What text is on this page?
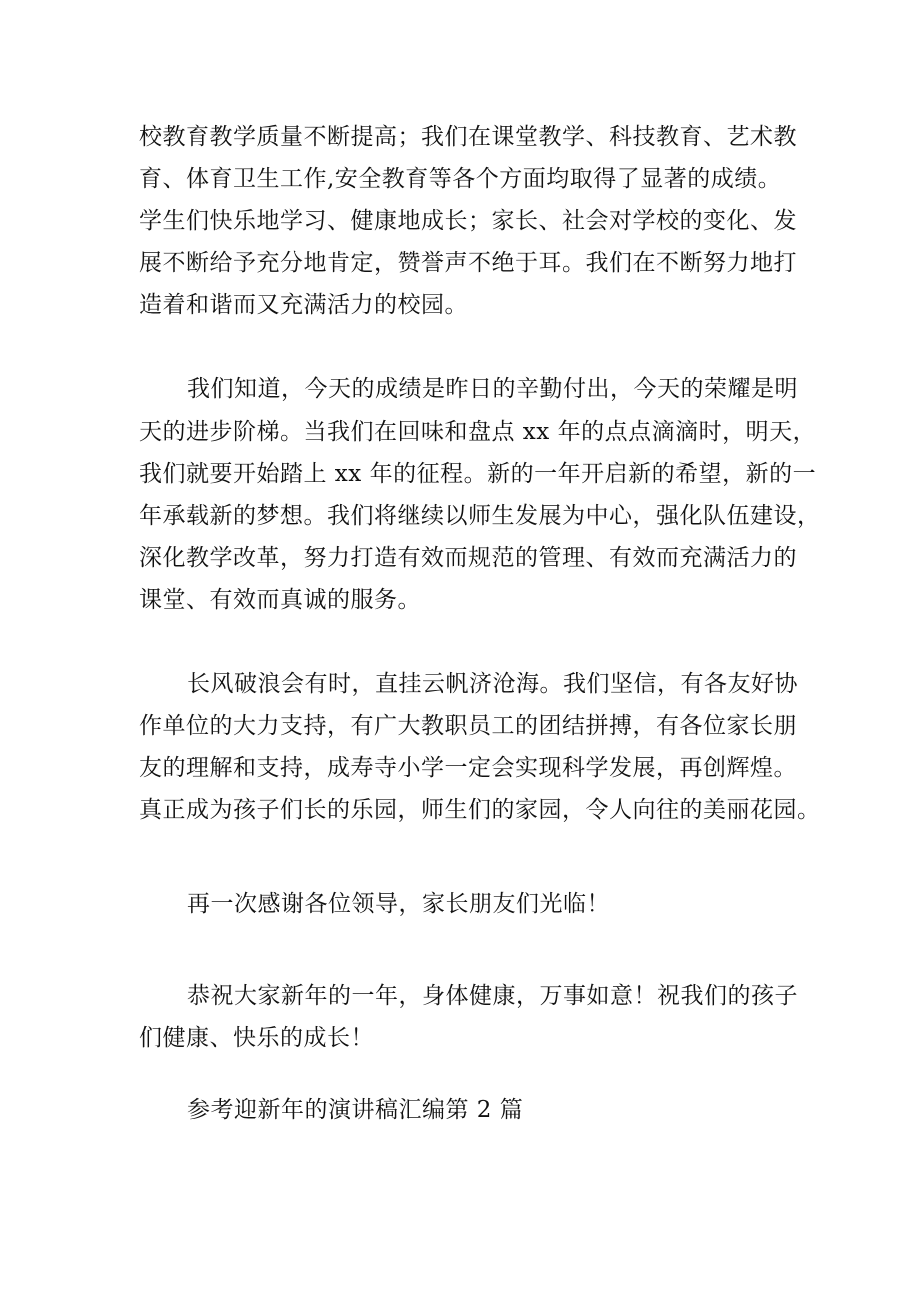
校教育教学质量不断提高；我们在课堂教学、科技教育、艺术教
育、体育卫生工作,安全教育等各个方面均取得了显著的成绩。
学生们快乐地学习、健康地成长；家长、社会对学校的变化、发
展不断给予充分地肯定，赞誉声不绝于耳。我们在不断努力地打
造着和谐而又充满活力的校园。
我们知道，今天的成绩是昨日的辛勤付出，今天的荣耀是明
天的进步阶梯。当我们在回味和盘点 xx 年的点点滴滴时，明天，
我们就要开始踏上 xx 年的征程。新的一年开启新的希望，新的一
年承载新的梦想。我们将继续以师生发展为中心，强化队伍建设，
深化教学改革，努力打造有效而规范的管理、有效而充满活力的
课堂、有效而真诚的服务。
长风破浪会有时，直挂云帆济沧海。我们坚信，有各友好协
作单位的大力支持，有广大教职员工的团结拼搏，有各位家长朋
友的理解和支持，成寿寺小学一定会实现科学发展，再创辉煌。
真正成为孩子们长的乐园，师生们的家园，令人向往的美丽花园。
再一次感谢各位领导，家长朋友们光临！
恭祝大家新年的一年，身体健康，万事如意！祝我们的孩子
们健康、快乐的成长！
参考迎新年的演讲稿汇编第 2 篇
